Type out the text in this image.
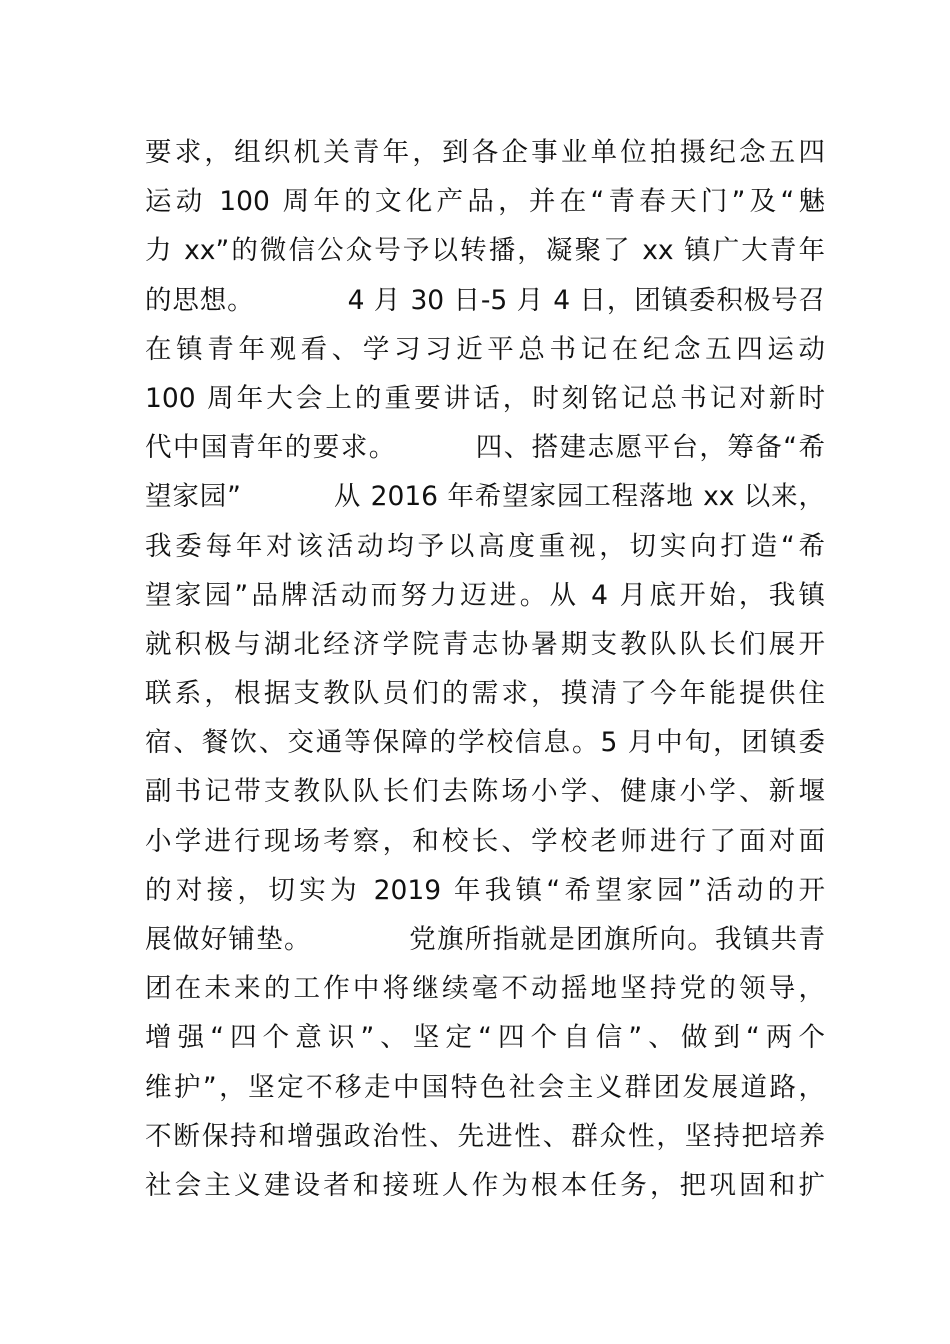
要求，组织机关青年，到各企事业单位拍摄纪念五四
运动 100 周年的文化产品，并在“青春天门”及“魅
力 xx”的微信公众号予以转播，凝聚了 xx 镇广大青年
的思想。          4 月 30 日-5 月 4 日，团镇委积极号召
在镇青年观看、学习习近平总书记在纪念五四运动
100 周年大会上的重要讲话，时刻铭记总书记对新时
代中国青年的要求。        四、搭建志愿平台，筹备“希
望家园”          从 2016 年希望家园工程落地 xx 以来，
我委每年对该活动均予以高度重视，切实向打造“希
望家园”品牌活动而努力迈进。从 4 月底开始，我镇
就积极与湖北经济学院青志协暑期支教队队长们展开
联系，根据支教队员们的需求，摸清了今年能提供住
宿、餐饮、交通等保障的学校信息。5 月中旬，团镇委
副书记带支教队队长们去陈场小学、健康小学、新堰
小学进行现场考察，和校长、学校老师进行了面对面
的对接，切实为 2019 年我镇“希望家园”活动的开
展做好铺垫。          党旗所指就是团旗所向。我镇共青
团在未来的工作中将继续毫不动摇地坚持党的领导，
增强“四个意识”、坚定“四个自信”、做到“两个
维护”，坚定不移走中国特色社会主义群团发展道路，
不断保持和增强政治性、先进性、群众性，坚持把培养
社会主义建设者和接班人作为根本任务，把巩固和扩
